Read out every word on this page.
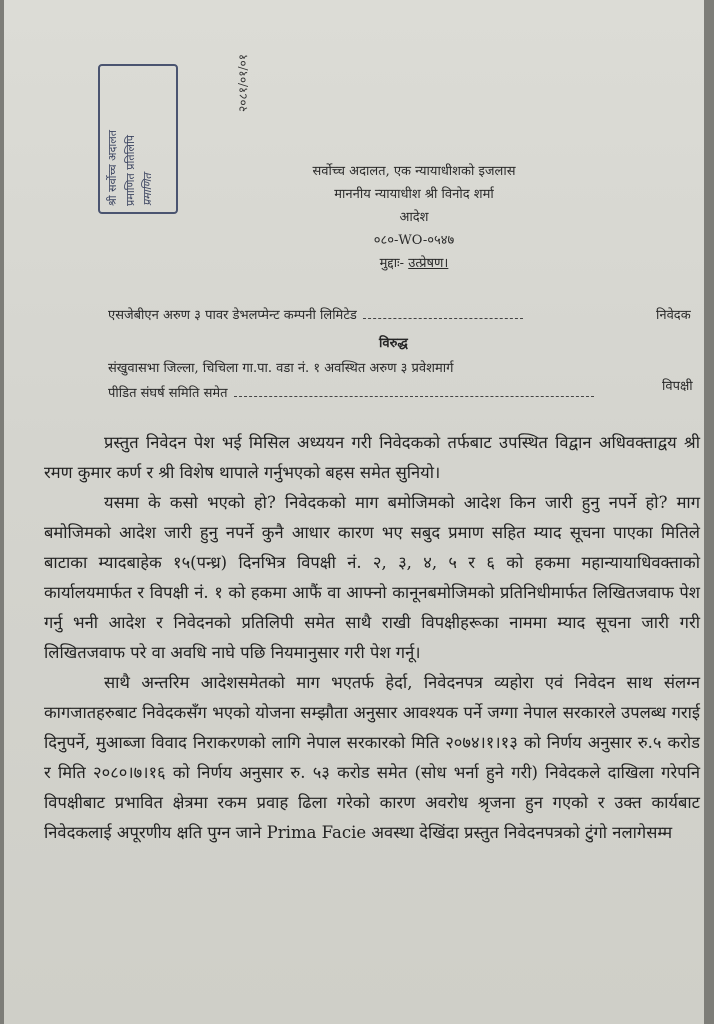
श्री सर्वोच्च अदालत प्रमाणित प्रतिलिपि प्रमाणित
२०८१/०१/०१
सर्वोच्च अदालत, एक न्यायाधीशको इजलास
माननीय न्यायाधीश श्री विनोद शर्मा
आदेश
०८०-WO-०५४७
मुद्दाः- उत्प्रेषण।
एसजेबीएन अरुण ३ पावर डेभलप्मेन्ट कम्पनी लिमिटेड	निवेदक
विरुद्ध
संखुवासभा जिल्ला, चिचिला गा.पा. वडा नं. १ अवस्थित अरुण ३ प्रवेशमार्ग
पीडित संघर्ष समिति समेत	विपक्षी

प्रस्तुत निवेदन पेश भई मिसिल अध्ययन गरी निवेदकको तर्फबाट उपस्थित विद्वान अधिवक्ताद्वय श्री रमण कुमार कर्ण र श्री विशेष थापाले गर्नुभएको बहस समेत सुनियो।

यसमा के कसो भएको हो? निवेदकको माग बमोजिमको आदेश किन जारी हुनु नपर्ने हो? माग बमोजिमको आदेश जारी हुनु नपर्ने कुनै आधार कारण भए सबुद प्रमाण सहित म्याद सूचना पाएका मितिले बाटाका म्यादबाहेक १५(पन्ध्र) दिनभित्र विपक्षी नं. २, ३, ४, ५ र ६ को हकमा महान्यायाधिवक्ताको कार्यालयमार्फत र विपक्षी नं. १ को हकमा आफैं वा आफ्नो कानूनबमोजिमको प्रतिनिधीमार्फत लिखितजवाफ पेश गर्नु भनी आदेश र निवेदनको प्रतिलिपी समेत साथै राखी विपक्षीहरूका नाममा म्याद सूचना जारी गरी लिखितजवाफ परे वा अवधि नाघे पछि नियमानुसार गरी पेश गर्नू।

साथै अन्तरिम आदेशसमेतको माग भएतर्फ हेर्दा, निवेदनपत्र व्यहोरा एवं निवेदन साथ संलग्न कागजातहरुबाट निवेदकसँग भएको योजना सम्झौता अनुसार आवश्यक पर्ने जग्गा नेपाल सरकारले उपलब्ध गराई दिनुपर्ने, मुआब्जा विवाद निराकरणको लागि नेपाल सरकारको मिति २०७४।१।१३ को निर्णय अनुसार रु.५ करोड र मिति २०८०।७।१६ को निर्णय अनुसार रु. ५३ करोड समेत (सोध भर्ना हुने गरी) निवेदकले दाखिला गरेपनि विपक्षीबाट प्रभावित क्षेत्रमा रकम प्रवाह ढिला गरेको कारण अवरोध श्रृजना हुन गएको र उक्त कार्यबाट निवेदकलाई अपूरणीय क्षति पुग्न जाने Prima Facie अवस्था देखिंदा प्रस्तुत निवेदनपत्रको टुंगो नलागेसम्म
